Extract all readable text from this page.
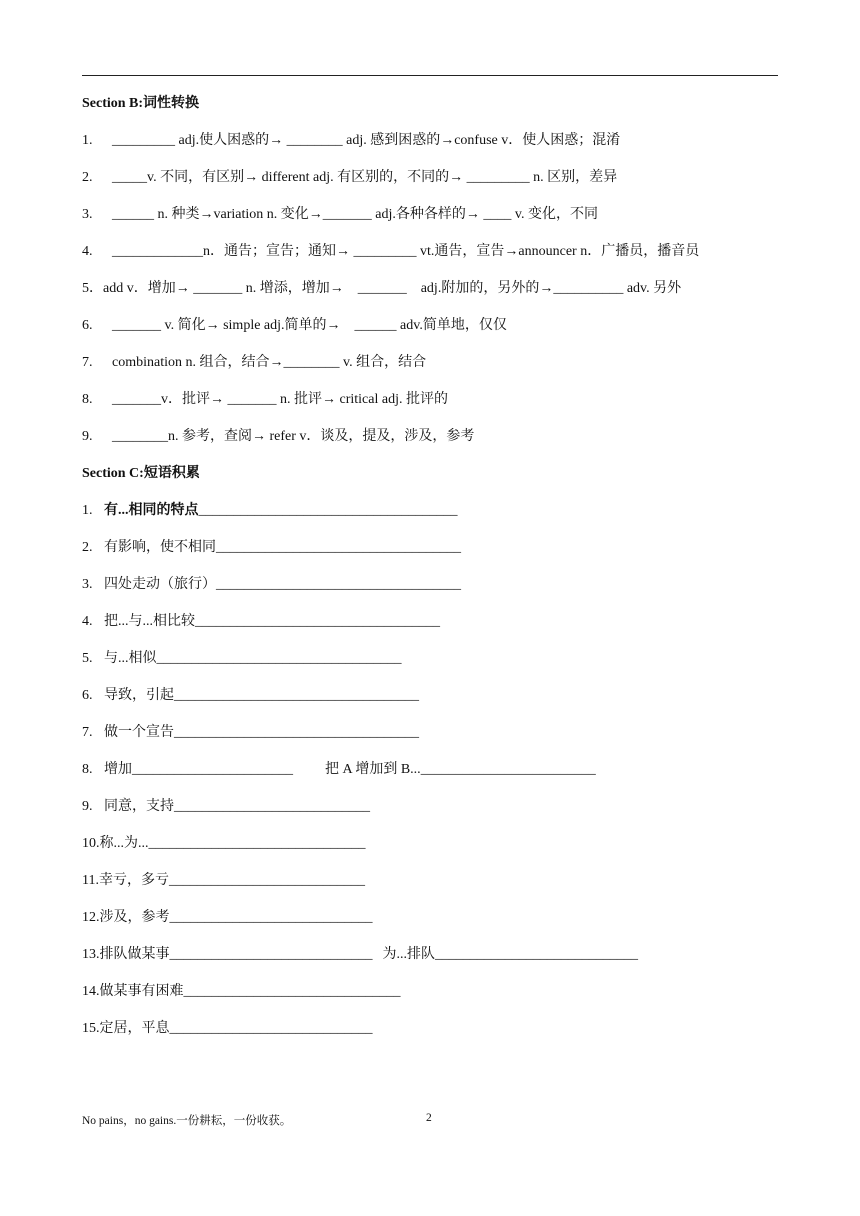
Section B:词性转换
1. _________ adj.使人困惑的→ ________ adj. 感到困惑的→confuse v．使人困惑；混淆
2. _____v. 不同，有区别→ different adj. 有区别的，不同的→ _________ n. 区别，差异
3. ______ n. 种类→variation n. 变化→_______ adj.各种各样的→ ____ v. 变化，不同
4. _____________n．通告；宣告；通知→ _________ vt.通告，宣告→announcer n．广播员，播音员
5．add v．增加→ _______ n. 增添，增加→    _______    adj.附加的，另外的→__________ adv. 另外
6. _______ v. 简化→ simple adj.简单的→    ______ adv.简单地，仅仅
7. combination n. 组合，结合→________ v. 组合，结合
8. _______v．批评→ _______ n. 批评→ critical adj. 批评的
9. ________n. 参考，查阅→ refer v．谈及，提及，涉及，参考
Section C:短语积累
1. 有...相同的特点_____________________________________
2. 有影响，使不相同___________________________________
3. 四处走动（旅行）___________________________________
4. 把...与...相比较___________________________________
5. 与...相似___________________________________
6. 导致，引起___________________________________
7. 做一个宣告___________________________________
8. 增加_______________________ 把 A 增加到 B..._________________________
9. 同意，支持____________________________
10.称...为..._______________________________
11.幸亏，多亏____________________________
12.涉及，参考_____________________________
13.排队做某事_____________________________ 为...排队_____________________________
14.做某事有困难_______________________________
15.定居，平息_____________________________
No pains，no gains.一份耕耘，一份收获。	2
